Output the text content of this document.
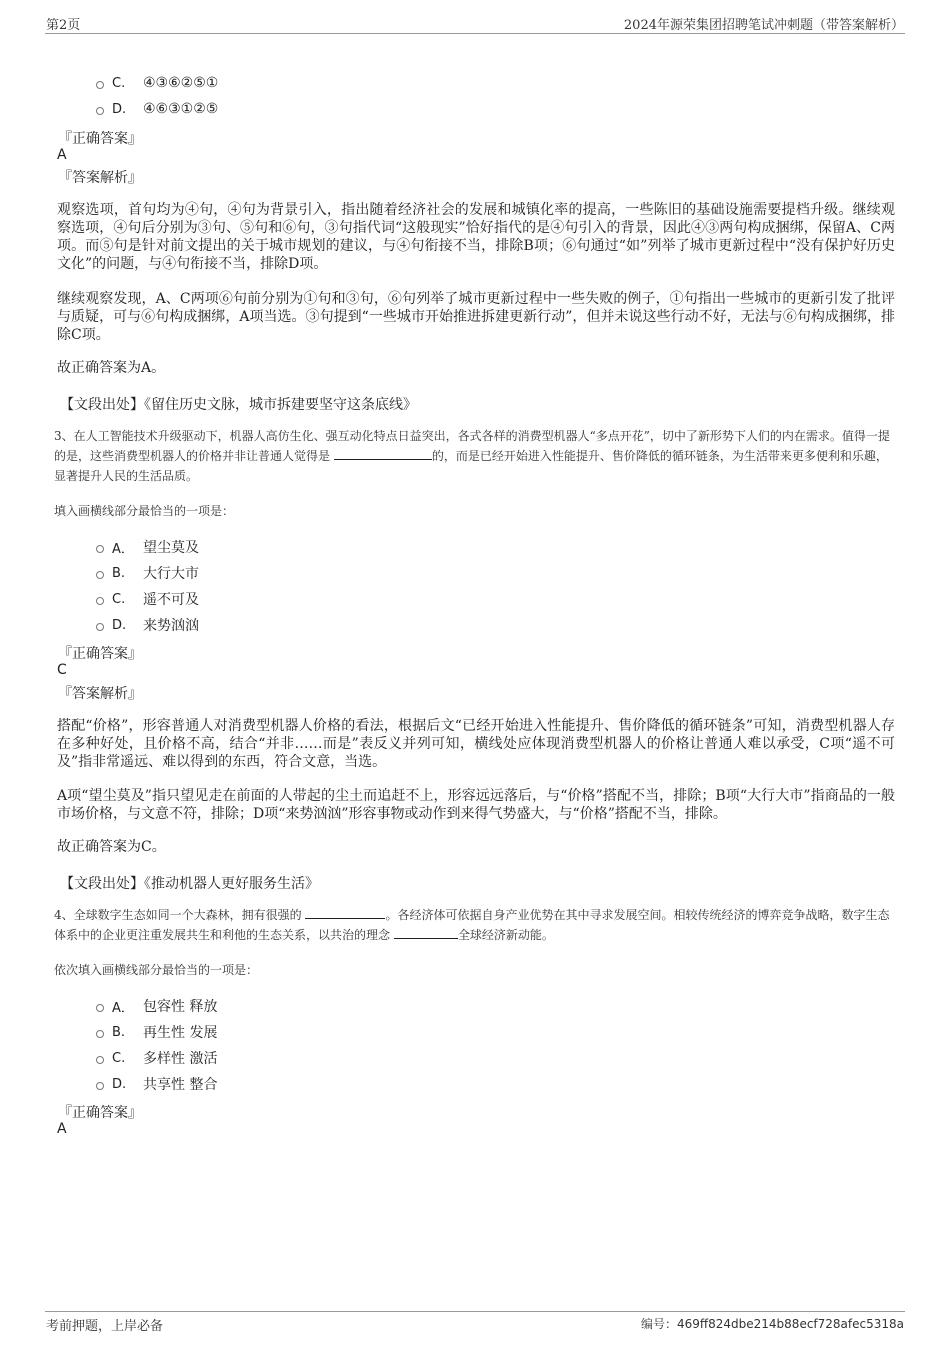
第2页	2024年源荣集团招聘笔试冲刺题（带答案解析）
C.	④③⑥②⑤①
D.	④⑥③①②⑤
『正确答案』
A
『答案解析』
观察选项，首句均为④句，④句为背景引入，指出随着经济社会的发展和城镇化率的提高，一些陈旧的基础设施需要提档升级。继续观察选项，④句后分别为③句、⑤句和⑥句，③句指代词“这般现实”恰好指代的是④句引入的背景，因此④③两句构成捆绑，保留A、C两项。而⑤句是针对前文提出的关于城市规划的建议，与④句衔接不当，排除B项；⑥句通过“如”列举了城市更新过程中“没有保护好历史文化”的问题，与④句衔接不当，排除D项。
继续观察发现，A、C两项⑥句前分别为①句和③句，⑥句列举了城市更新过程中一些失败的例子，①句指出一些城市的更新引发了批评与质疑，可与⑥句构成捆绑，A项当选。③句提到“一些城市开始推进拆建更新行动”，但并未说这些行动不好，无法与⑥句构成捆绑，排除C项。
故正确答案为A。
【文段出处】《留住历史文脉，城市拆建要坚守这条底线》
3、在人工智能技术升级驱动下，机器人高仿生化、强互动化特点日益突出，各式各样的消费型机器人“多点开花”，切中了新形势下人们的内在需求。值得一提的是，这些消费型机器人的价格并非让普通人觉得是	的，而是已经开始进入性能提升、售价降低的循环链条，为生活带来更多便利和乐趣，显著提升人民的生活品质。
填入画横线部分最恰当的一项是：
A． 望尘莫及
B.	大行大市
C.	遥不可及
D.	来势汹汹
『正确答案』
C
『答案解析』
搭配“价格”，形容普通人对消费型机器人价格的看法，根据后文“已经开始进入性能提升、售价降低的循环链条”可知，消费型机器人存在多种好处，且价格不高，结合“并非……而是”表反义并列可知，横线处应体现消费型机器人的价格让普通人难以承受，C项“遥不可及”指非常遥远、难以得到的东西，符合文意，当选。
A项“望尘莫及”指只望见走在前面的人带起的尘土而追赶不上，形容远远落后，与“价格”搭配不当，排除；B项“大行大市”指商品的一般市场价格，与文意不符，排除；D项“来势汹汹”形容事物或动作到来得气势盛大，与“价格”搭配不当，排除。
故正确答案为C。
【文段出处】《推动机器人更好服务生活》
4、全球数字生态如同一个大森林，拥有很强的	。各经济体可依据自身产业优势在其中寻求发展空间。相较传统经济的博弈竞争战略，数字生态体系中的企业更注重发展共生和利他的生态关系，以共治的理念	全球经济新动能。
依次填入画横线部分最恰当的一项是：
A． 包容性 释放
B.	再生性 发展
C.	多样性 激活
D.	共享性 整合
『正确答案』
A
考前押题，上岸必备	编号：469ff824dbe214b88ecf728afec5318a
